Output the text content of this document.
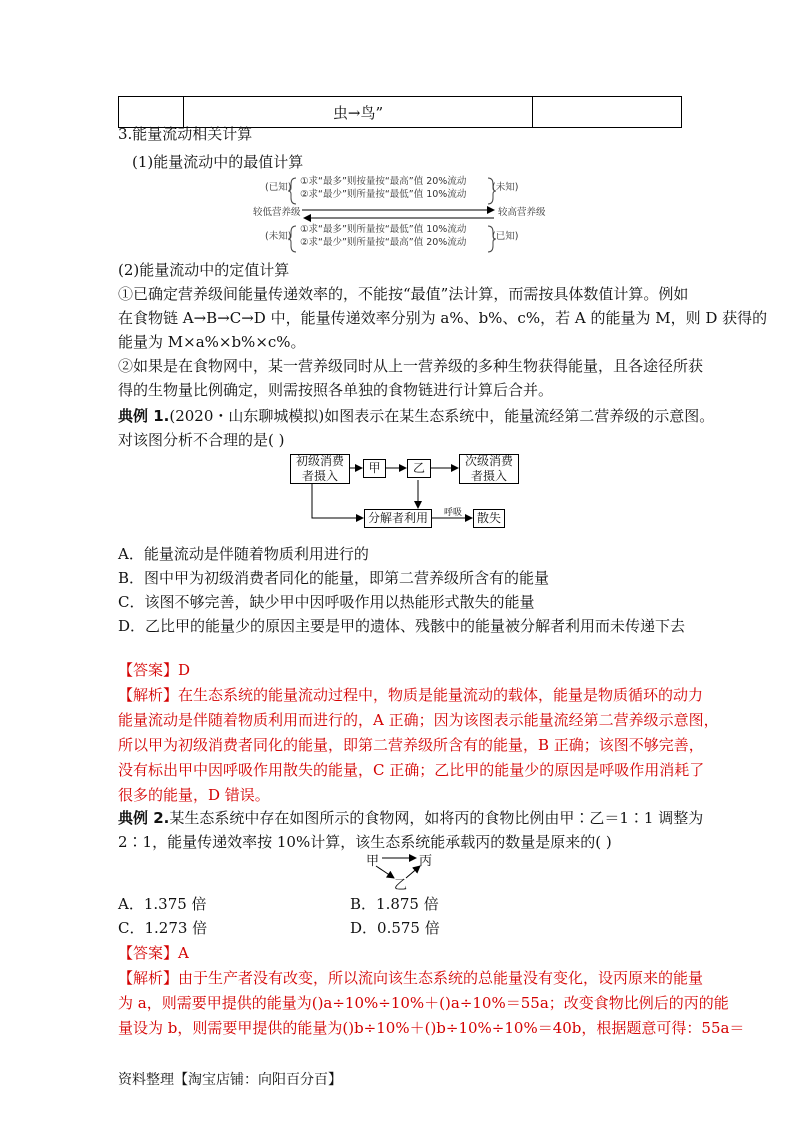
	虫→鸟”	
3.能量流动相关计算
(1)能量流动中的最值计算
(已知)
①求“最多”则按量按“最高”值 20%流动
②求“最少”则所量按“最低”值 10%流动
(未知)
较低营养级	较高营养级
(未知)
①求“最多”则所量按“最低”值 10%流动
②求“最少”则所量按“最高”值 20%流动
(已知)
(2)能量流动中的定值计算
①已确定营养级间能量传递效率的，不能按“最值”法计算，而需按具体数值计算。例如
在食物链 A→B→C→D 中，能量传递效率分别为 a%、b%、c%，若 A 的能量为 M，则 D 获得的
能量为 M×a%×b%×c%。
②如果是在食物网中，某一营养级同时从上一营养级的多种生物获得能量，且各途径所获
得的生物量比例确定，则需按照各单独的食物链进行计算后合并。
典例 1.(2020・山东聊城模拟)如图表示在某生态系统中，能量流经第二营养级的示意图。
对该图分析不合理的是( )
初级消费者摄入
甲	乙	次级消费者摄入
分解者利用	散失
呼吸
A．能量流动是伴随着物质利用进行的
B．图中甲为初级消费者同化的能量，即第二营养级所含有的能量
C．该图不够完善，缺少甲中因呼吸作用以热能形式散失的能量
D．乙比甲的能量少的原因主要是甲的遗体、残骸中的能量被分解者利用而未传递下去
【答案】D
【解析】在生态系统的能量流动过程中，物质是能量流动的载体，能量是物质循环的动力
能量流动是伴随着物质利用而进行的，A 正确；因为该图表示能量流经第二营养级示意图，
所以甲为初级消费者同化的能量，即第二营养级所含有的能量，B 正确；该图不够完善，
没有标出甲中因呼吸作用散失的能量，C 正确；乙比甲的能量少的原因是呼吸作用消耗了
很多的能量，D 错误。
典例 2.某生态系统中存在如图所示的食物网，如将丙的食物比例由甲∶乙＝1∶1 调整为
2∶1，能量传递效率按 10%计算，该生态系统能承载丙的数量是原来的( )
甲	丙
乙
A．1.375 倍	B．1.875 倍
C．1.273 倍	D．0.575 倍
【答案】A
【解析】由于生产者没有改变，所以流向该生态系统的总能量没有变化，设丙原来的能量
为 a，则需要甲提供的能量为()a÷10%÷10%＋()a÷10%＝55a；改变食物比例后的丙的能
量设为 b，则需要甲提供的能量为()b÷10%＋()b÷10%÷10%＝40b，根据题意可得：55a＝
资料整理【淘宝店铺：向阳百分百】
